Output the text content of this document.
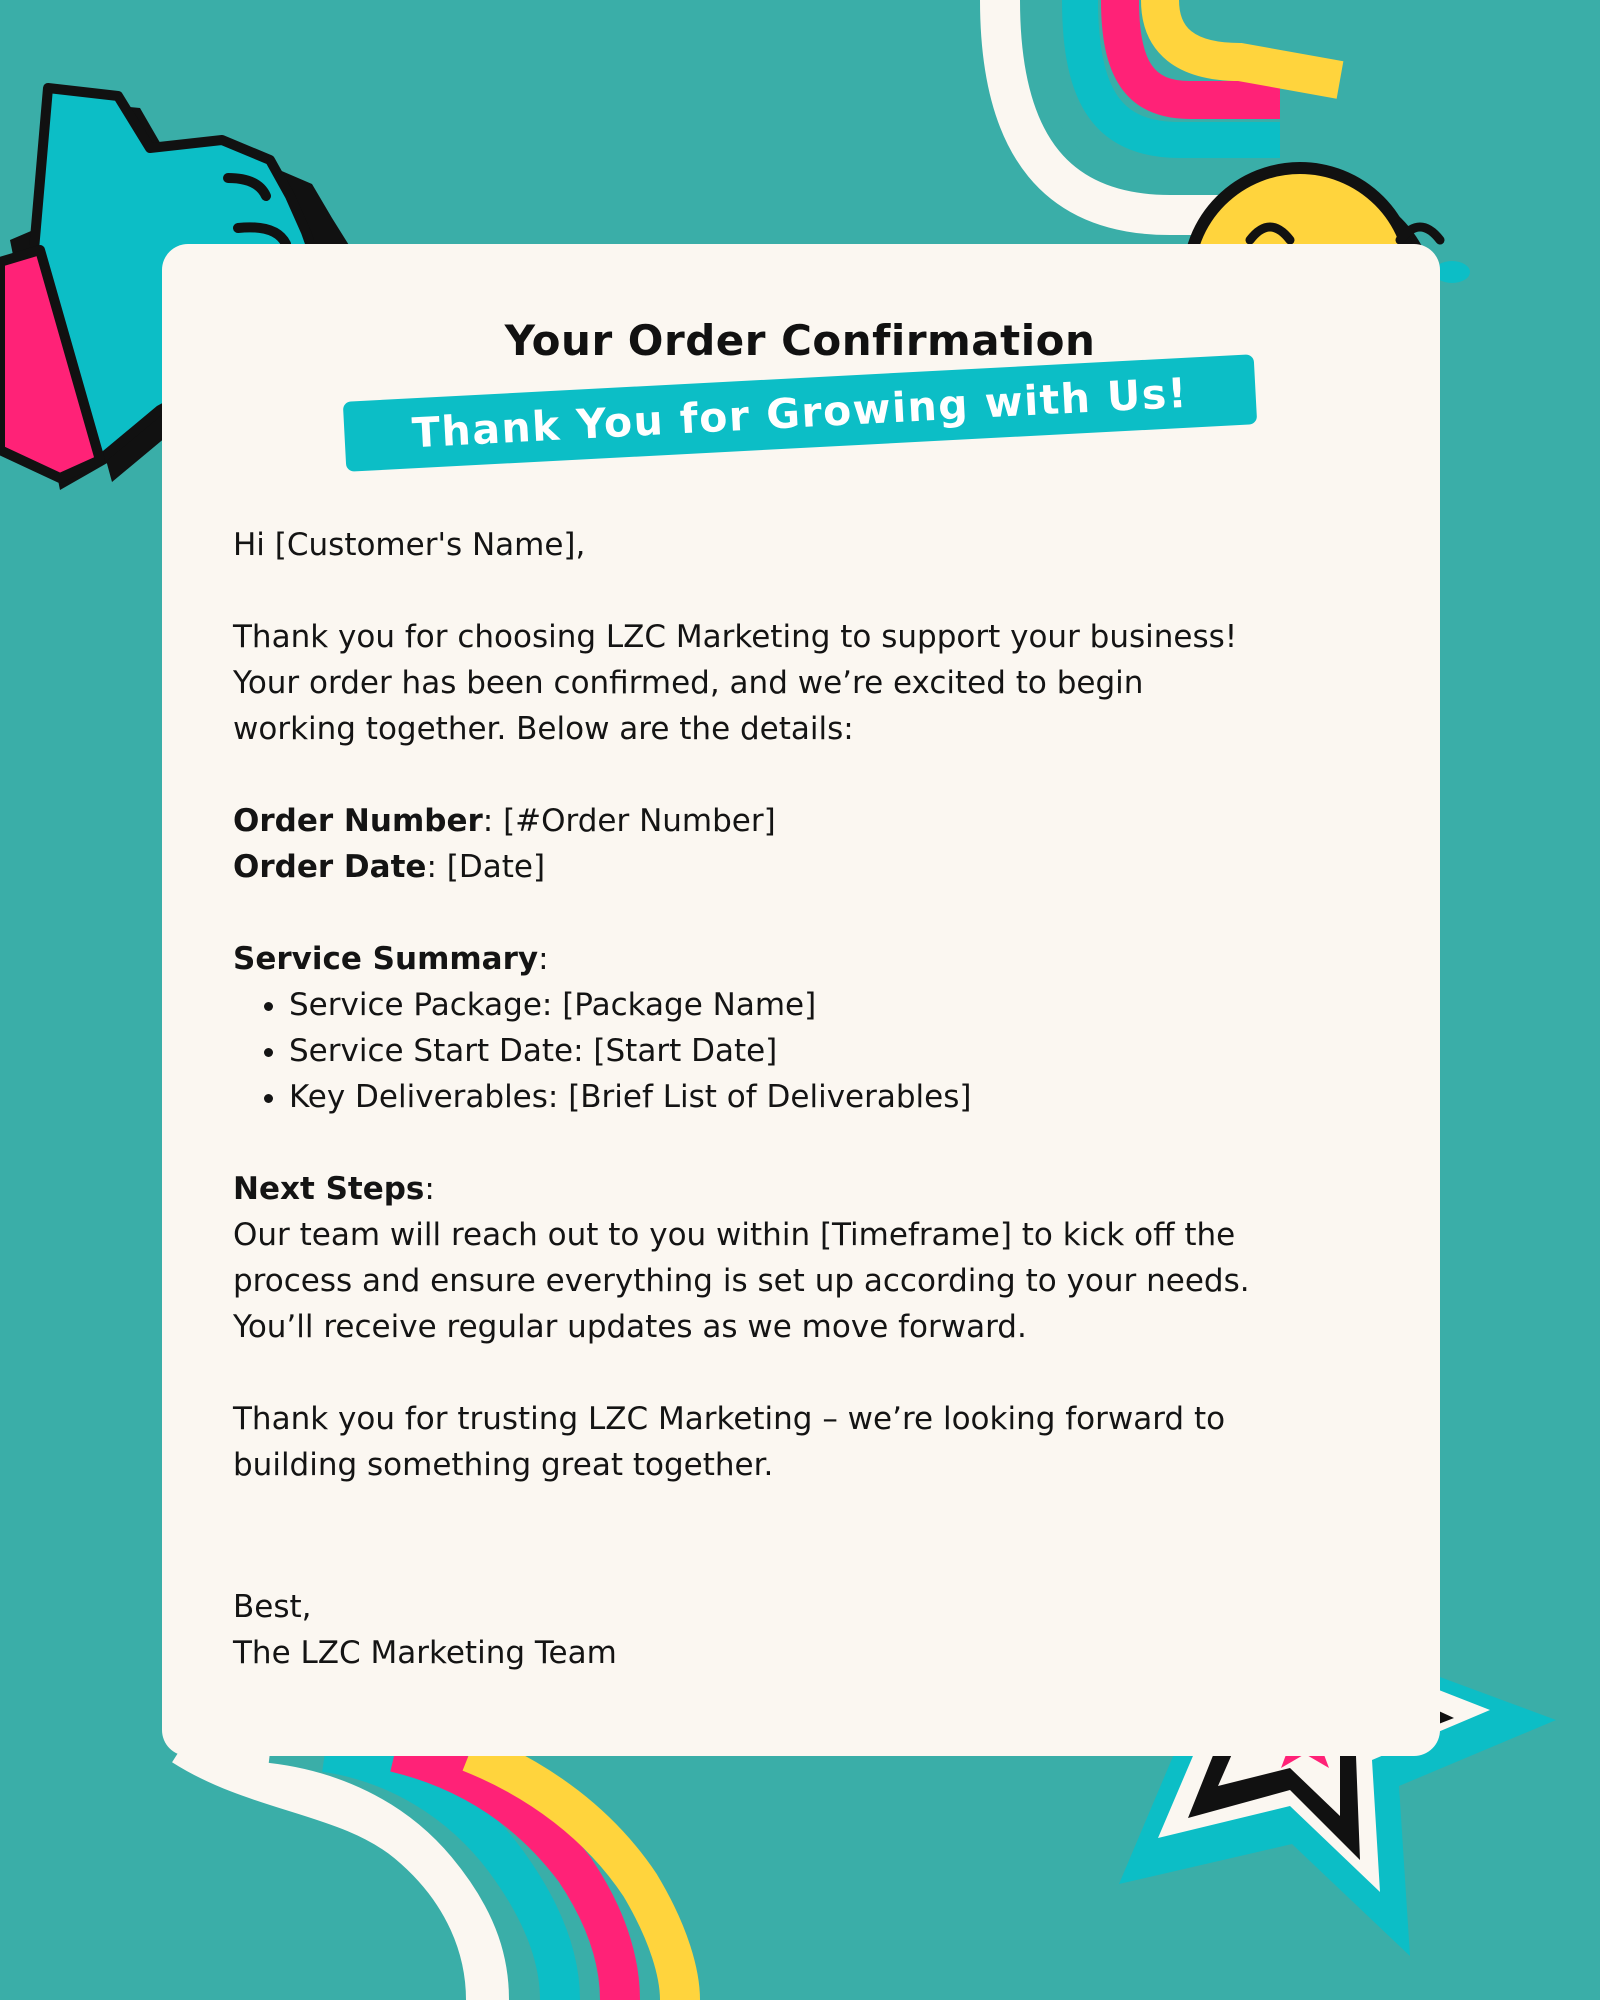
Your Order Confirmation
Thank You for Growing with Us!

Hi [Customer's Name],

Thank you for choosing LZC Marketing to support your business!

Your order has been confirmed, and we’re excited to begin

working together. Below are the details:

Order Number: [#Order Number]

Order Date: [Date]

Service Summary:

• Service Package: [Package Name]
• Service Start Date: [Start Date]
• Key Deliverables: [Brief List of Deliverables]

Next Steps:

Our team will reach out to you within [Timeframe] to kick off the

process and ensure everything is set up according to your needs.

You’ll receive regular updates as we move forward.

Thank you for trusting LZC Marketing – we’re looking forward to

building something great together.

Best,
The LZC Marketing Team
